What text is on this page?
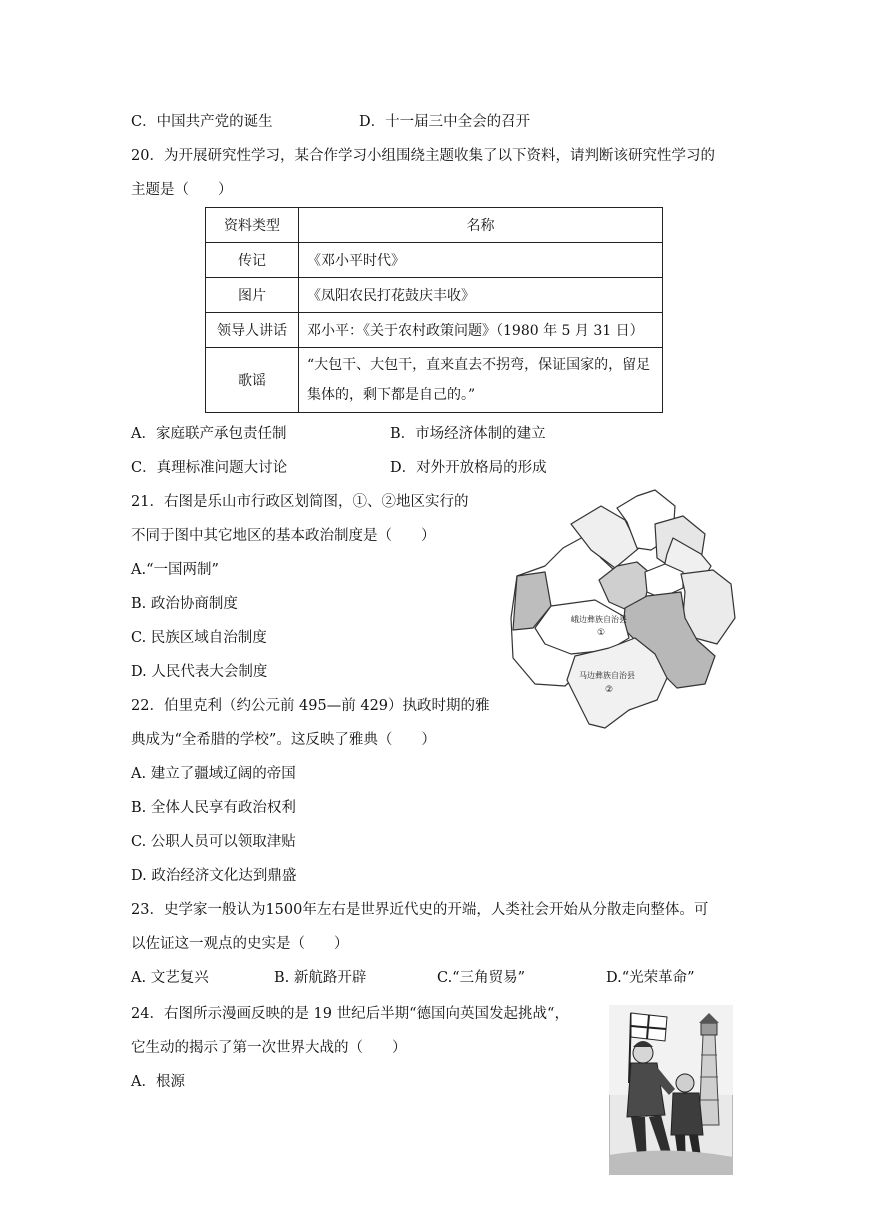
C．中国共产党的诞生	D．十一届三中全会的召开
20．为开展研究性学习，某合作学习小组围绕主题收集了以下资料，请判断该研究性学习的
主题是（　　）
资料类型	名称
传记	《邓小平时代》
图片	《凤阳农民打花鼓庆丰收》
领导人讲话	邓小平：《关于农村政策问题》（1980 年 5 月 31 日）
歌谣	“大包干、大包干，直来直去不拐弯，保证国家的，留足集体的，剩下都是自己的。”
A．家庭联产承包责任制	B．市场经济体制的建立
C．真理标准问题大讨论	D．对外开放格局的形成
21．右图是乐山市行政区划简图，①、②地区实行的
不同于图中其它地区的基本政治制度是（　　）
A.“一国两制”
B. 政治协商制度
C. 民族区域自治制度
D. 人民代表大会制度
峨边彝族自治县
①
马边彝族自治县
②
22．伯里克利（约公元前 495—前 429）执政时期的雅
典成为“全希腊的学校”。这反映了雅典（　　）
A. 建立了疆域辽阔的帝国
B. 全体人民享有政治权利
C. 公职人员可以领取津贴
D. 政治经济文化达到鼎盛
23．史学家一般认为1500年左右是世界近代史的开端，人类社会开始从分散走向整体。可
以佐证这一观点的史实是（　　）
A. 文艺复兴	B. 新航路开辟	C.“三角贸易”	D.“光荣革命”
24．右图所示漫画反映的是 19 世纪后半期“德国向英国发起挑战“，
它生动的揭示了第一次世界大战的（　　）
A．根源
